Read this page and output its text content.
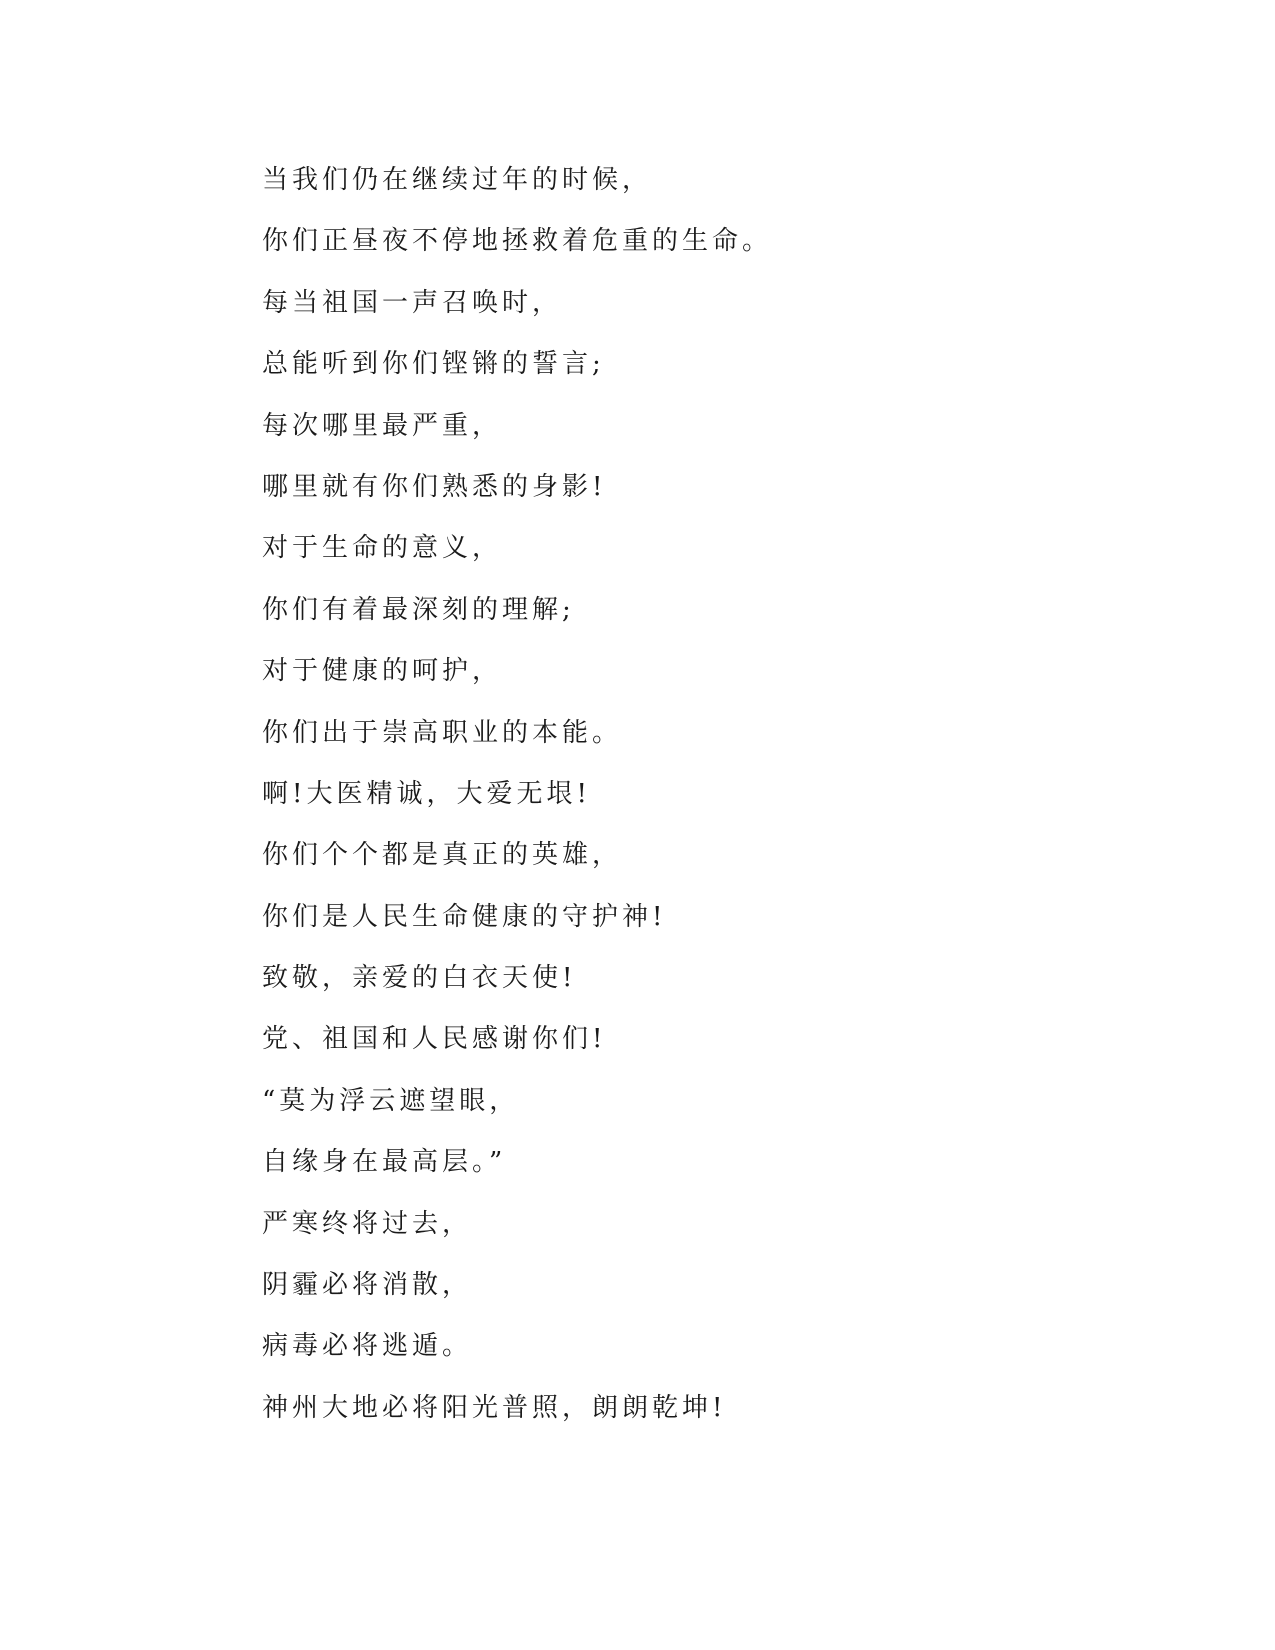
当我们仍在继续过年的时候，
你们正昼夜不停地拯救着危重的生命。
每当祖国一声召唤时，
总能听到你们铿锵的誓言;
每次哪里最严重，
哪里就有你们熟悉的身影!
对于生命的意义，
你们有着最深刻的理解;
对于健康的呵护，
你们出于崇高职业的本能。
啊!大医精诚，大爱无垠!
你们个个都是真正的英雄，
你们是人民生命健康的守护神!
致敬，亲爱的白衣天使!
党、祖国和人民感谢你们!
“莫为浮云遮望眼，
自缘身在最高层。”
严寒终将过去，
阴霾必将消散，
病毒必将逃遁。
神州大地必将阳光普照，朗朗乾坤!
